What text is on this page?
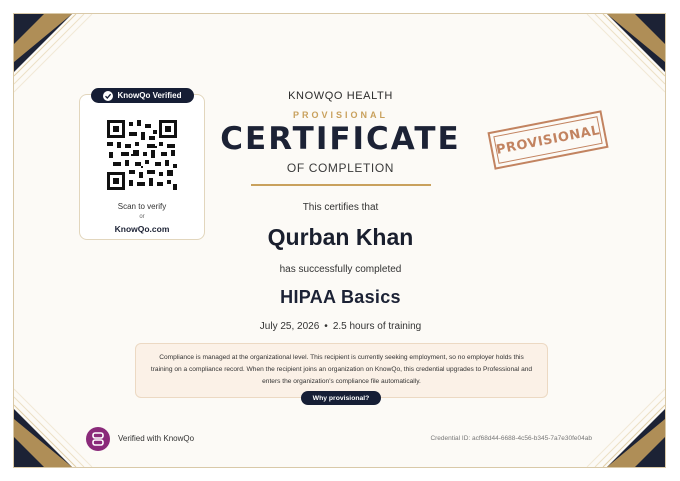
Scan to verify
or
KnowQo.com
KnowQo Verified	KNOWQO HEALTH
PROVISIONAL
CERTIFICATE
OF COMPLETION
PROVISIONAL
This certifies that
Qurban Khan
has successfully completed
HIPAA Basics
July 25, 2026 • 2.5 hours of training
Compliance is managed at the organizational level. This recipient is currently seeking employment, so no employer holds this training on a compliance record. When the recipient joins an organization on KnowQo, this credential upgrades to Professional and enters the organization's compliance file automatically.
Why provisional?
Verified with KnowQo	Credential ID: acf68d44-6688-4c56-b345-7a7e30fe04ab
